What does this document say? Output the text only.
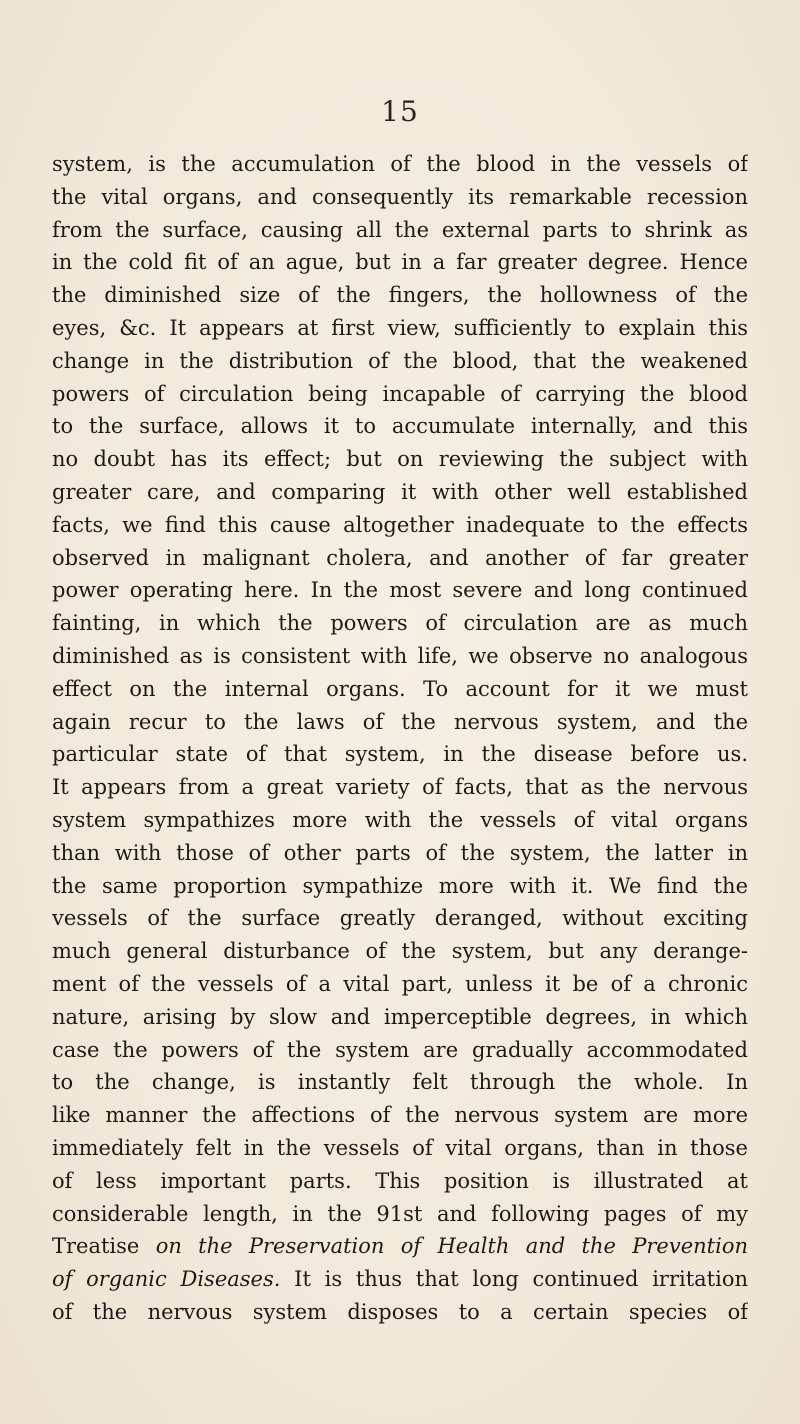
15
system, is the accumulation of the blood in the vessels of
the vital organs, and consequently its remarkable recession
from the surface, causing all the external parts to shrink as
in the cold fit of an ague, but in a far greater degree. Hence
the diminished size of the fingers, the hollowness of the
eyes, &c. It appears at first view, sufficiently to explain this
change in the distribution of the blood, that the weakened
powers of circulation being incapable of carrying the blood
to the surface, allows it to accumulate internally, and this
no doubt has its effect; but on reviewing the subject with
greater care, and comparing it with other well established
facts, we find this cause altogether inadequate to the effects
observed in malignant cholera, and another of far greater
power operating here. In the most severe and long continued
fainting, in which the powers of circulation are as much
diminished as is consistent with life, we observe no analogous
effect on the internal organs. To account for it we must
again recur to the laws of the nervous system, and the
particular state of that system, in the disease before us.
It appears from a great variety of facts, that as the nervous
system sympathizes more with the vessels of vital organs
than with those of other parts of the system, the latter in
the same proportion sympathize more with it. We find the
vessels of the surface greatly deranged, without exciting
much general disturbance of the system, but any derange-
ment of the vessels of a vital part, unless it be of a chronic
nature, arising by slow and imperceptible degrees, in which
case the powers of the system are gradually accommodated
to the change, is instantly felt through the whole. In
like manner the affections of the nervous system are more
immediately felt in the vessels of vital organs, than in those
of less important parts. This position is illustrated at
considerable length, in the 91st and following pages of my
Treatise on the Preservation of Health and the Prevention
of organic Diseases. It is thus that long continued irritation
of the nervous system disposes to a certain species of
